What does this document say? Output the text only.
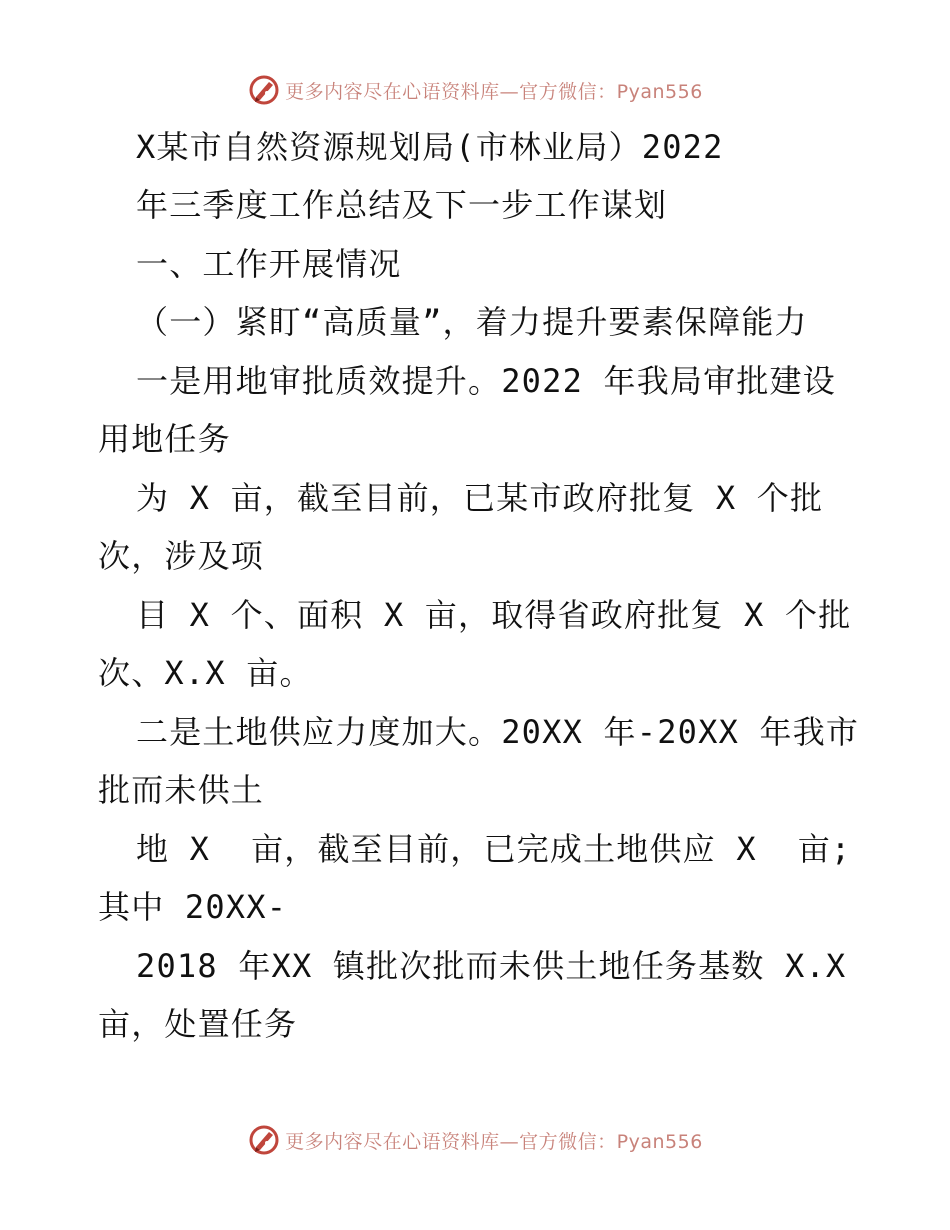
更多内容尽在心语资料库—官方微信：Pyan556
X某市自然资源规划局(市林业局）2022
年三季度工作总结及下一步工作谋划
一、工作开展情况
（一）紧盯“高质量”，着力提升要素保障能力
一是用地审批质效提升。2022 年我局审批建设
用地任务
为 X 亩，截至目前，已某市政府批复 X 个批
次，涉及项
目 X 个、面积 X 亩，取得省政府批复 X 个批
次、X.X 亩。
二是土地供应力度加大。20XX 年-20XX 年我市
批而未供土
地 X  亩，截至目前，已完成土地供应 X  亩;
其中 20XX-
2018 年XX 镇批次批而未供土地任务基数 X.X
亩，处置任务
更多内容尽在心语资料库—官方微信：Pyan556
